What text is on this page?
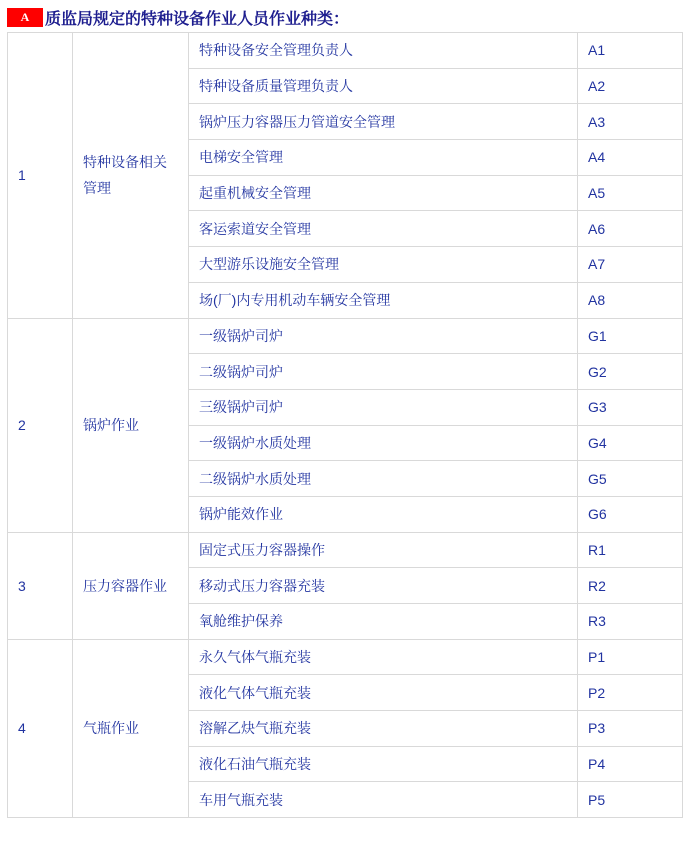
A 质监局规定的特种设备作业人员作业种类：
1	特种设备相关管理	特种设备安全管理负责人	A1
		特种设备质量管理负责人	A2
		锅炉压力容器压力管道安全管理	A3
		电梯安全管理	A4
		起重机械安全管理	A5
		客运索道安全管理	A6
		大型游乐设施安全管理	A7
		场(厂)内专用机动车辆安全管理	A8
2	锅炉作业	一级锅炉司炉	G1
		二级锅炉司炉	G2
		三级锅炉司炉	G3
		一级锅炉水质处理	G4
		二级锅炉水质处理	G5
		锅炉能效作业	G6
3	压力容器作业	固定式压力容器操作	R1
		移动式压力容器充装	R2
		氧舱维护保养	R3
4	气瓶作业	永久气体气瓶充装	P1
		液化气体气瓶充装	P2
		溶解乙炔气瓶充装	P3
		液化石油气瓶充装	P4
		车用气瓶充装	P5
